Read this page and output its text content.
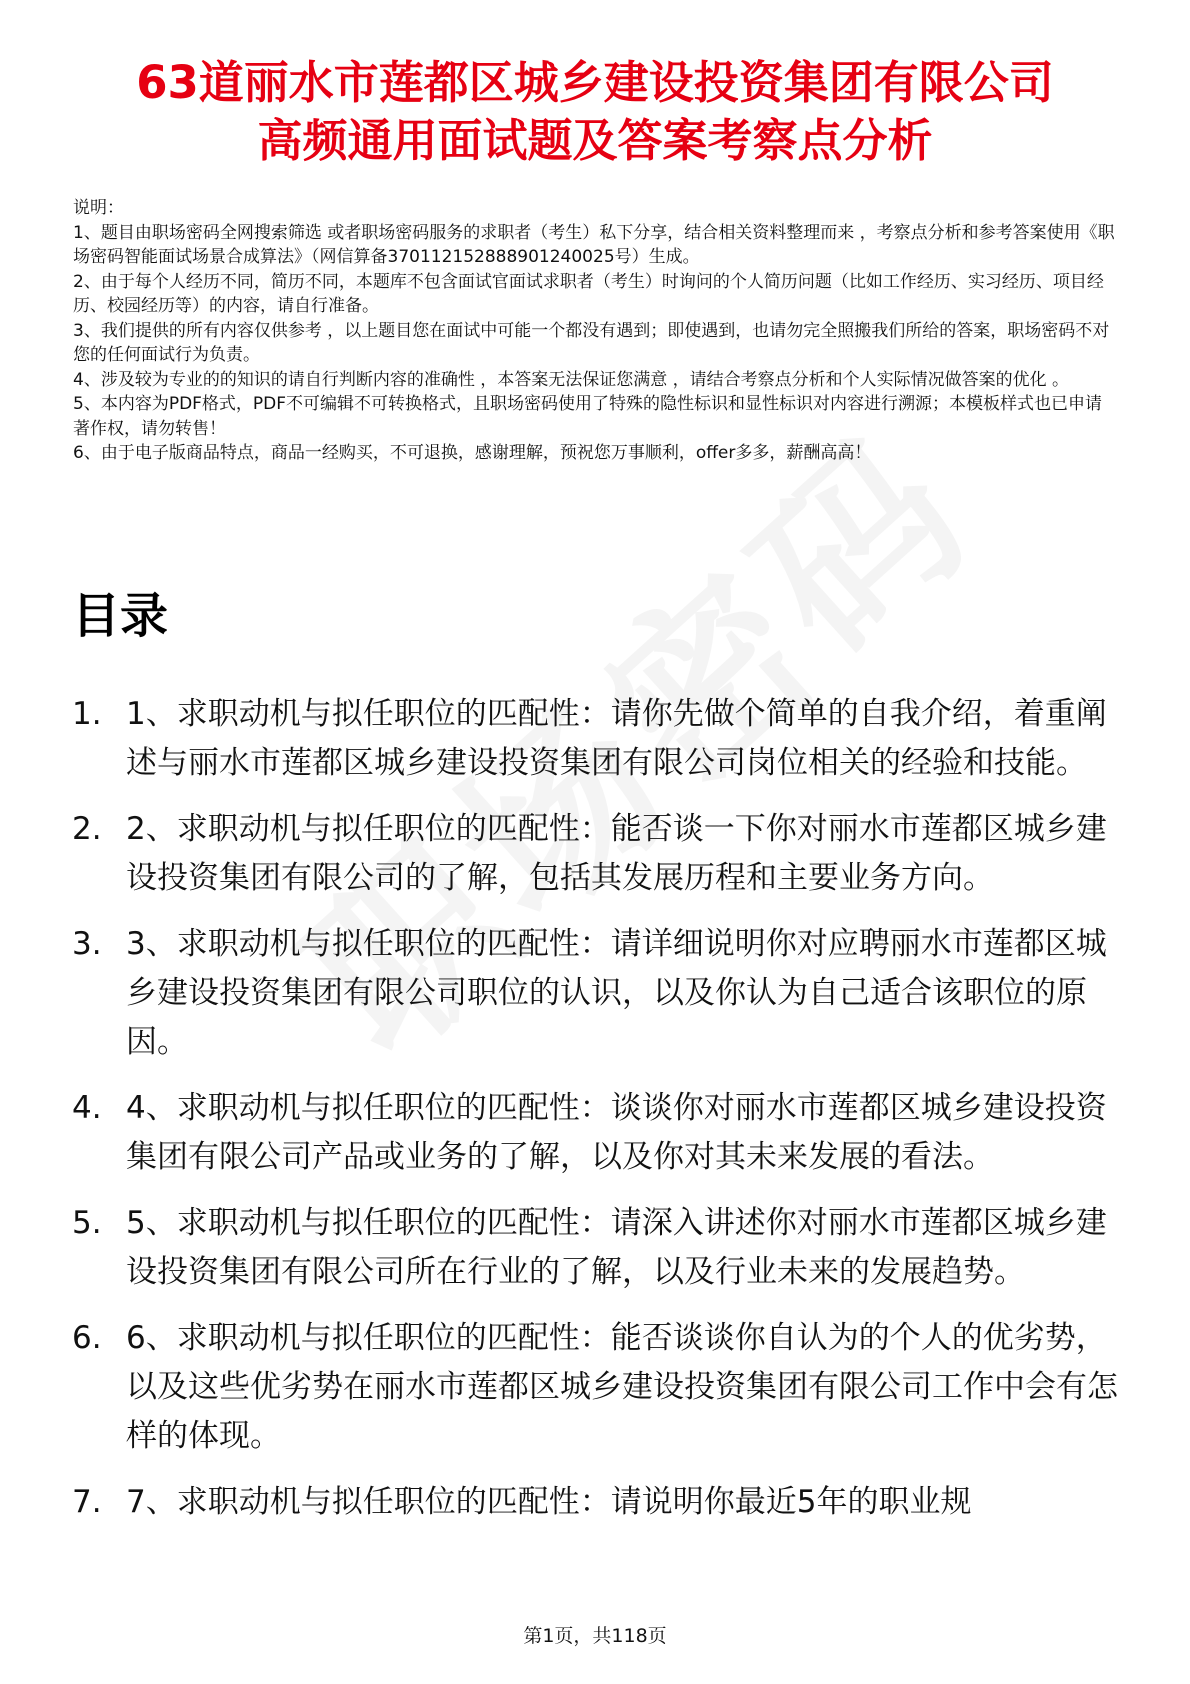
63道丽水市莲都区城乡建设投资集团有限公司
高频通用面试题及答案考察点分析

说明：

1、题目由职场密码全网搜索筛选 或者职场密码服务的求职者（考生）私下分享，结合相关资料整理而来 ，考察点分析和参考答案使用《职场密码智能面试场景合成算法》（网信算备370112152888901240025号）生成。

2、由于每个人经历不同，简历不同，本题库不包含面试官面试求职者（考生）时询问的个人简历问题（比如工作经历、实习经历、项目经历、校园经历等）的内容，请自行准备。

3、我们提供的所有内容仅供参考 ，以上题目您在面试中可能一个都没有遇到；即使遇到，也请勿完全照搬我们所给的答案，职场密码不对您的任何面试行为负责。

4、涉及较为专业的的知识的请自行判断内容的准确性 ，本答案无法保证您满意 ，请结合考察点分析和个人实际情况做答案的优化 。

5、本内容为PDF格式，PDF不可编辑不可转换格式，且职场密码使用了特殊的隐性标识和显性标识对内容进行溯源；本模板样式也已申请著作权，请勿转售！

6、由于电子版商品特点，商品一经购买，不可退换，感谢理解，预祝您万事顺利，offer多多，薪酬高高！

目录
1. 1、求职动机与拟任职位的匹配性：请你先做个简单的自我介绍，着重阐述与丽水市莲都区城乡建设投资集团有限公司岗位相关的经验和技能。
2. 2、求职动机与拟任职位的匹配性：能否谈一下你对丽水市莲都区城乡建设投资集团有限公司的了解，包括其发展历程和主要业务方向。
3. 3、求职动机与拟任职位的匹配性：请详细说明你对应聘丽水市莲都区城乡建设投资集团有限公司职位的认识，以及你认为自己适合该职位的原因。
4. 4、求职动机与拟任职位的匹配性：谈谈你对丽水市莲都区城乡建设投资集团有限公司产品或业务的了解，以及你对其未来发展的看法。
5. 5、求职动机与拟任职位的匹配性：请深入讲述你对丽水市莲都区城乡建设投资集团有限公司所在行业的了解，以及行业未来的发展趋势。
6. 6、求职动机与拟任职位的匹配性：能否谈谈你自认为的个人的优劣势，以及这些优劣势在丽水市莲都区城乡建设投资集团有限公司工作中会有怎样的体现。
7. 7、求职动机与拟任职位的匹配性：请说明你最近5年的职业规
第1页，共118页
